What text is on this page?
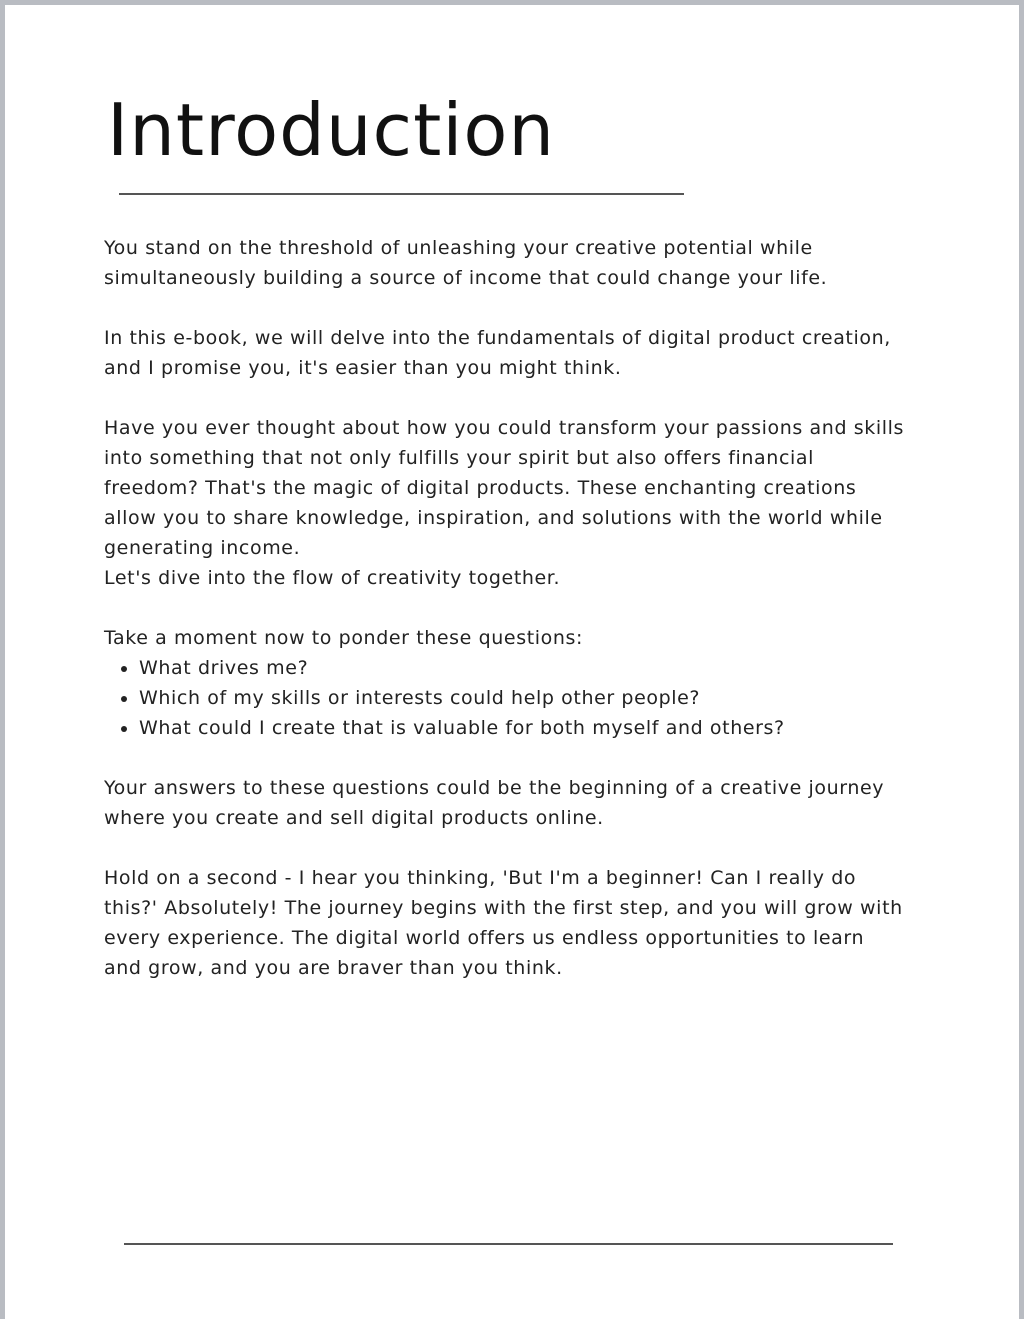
Introduction

You stand on the threshold of unleashing your creative potential while simultaneously building a source of income that could change your life.

In this e-book, we will delve into the fundamentals of digital product creation, and I promise you, it's easier than you might think.

Have you ever thought about how you could transform your passions and skills into something that not only fulfills your spirit but also offers financial freedom? That's the magic of digital products. These enchanting creations allow you to share knowledge, inspiration, and solutions with the world while generating income.

Let's dive into the flow of creativity together.

Take a moment now to ponder these questions:

• What drives me?
• Which of my skills or interests could help other people?
• What could I create that is valuable for both myself and others?

Your answers to these questions could be the beginning of a creative journey where you create and sell digital products online.

Hold on a second - I hear you thinking, 'But I'm a beginner! Can I really do this?' Absolutely! The journey begins with the first step, and you will grow with every experience. The digital world offers us endless opportunities to learn and grow, and you are braver than you think.
